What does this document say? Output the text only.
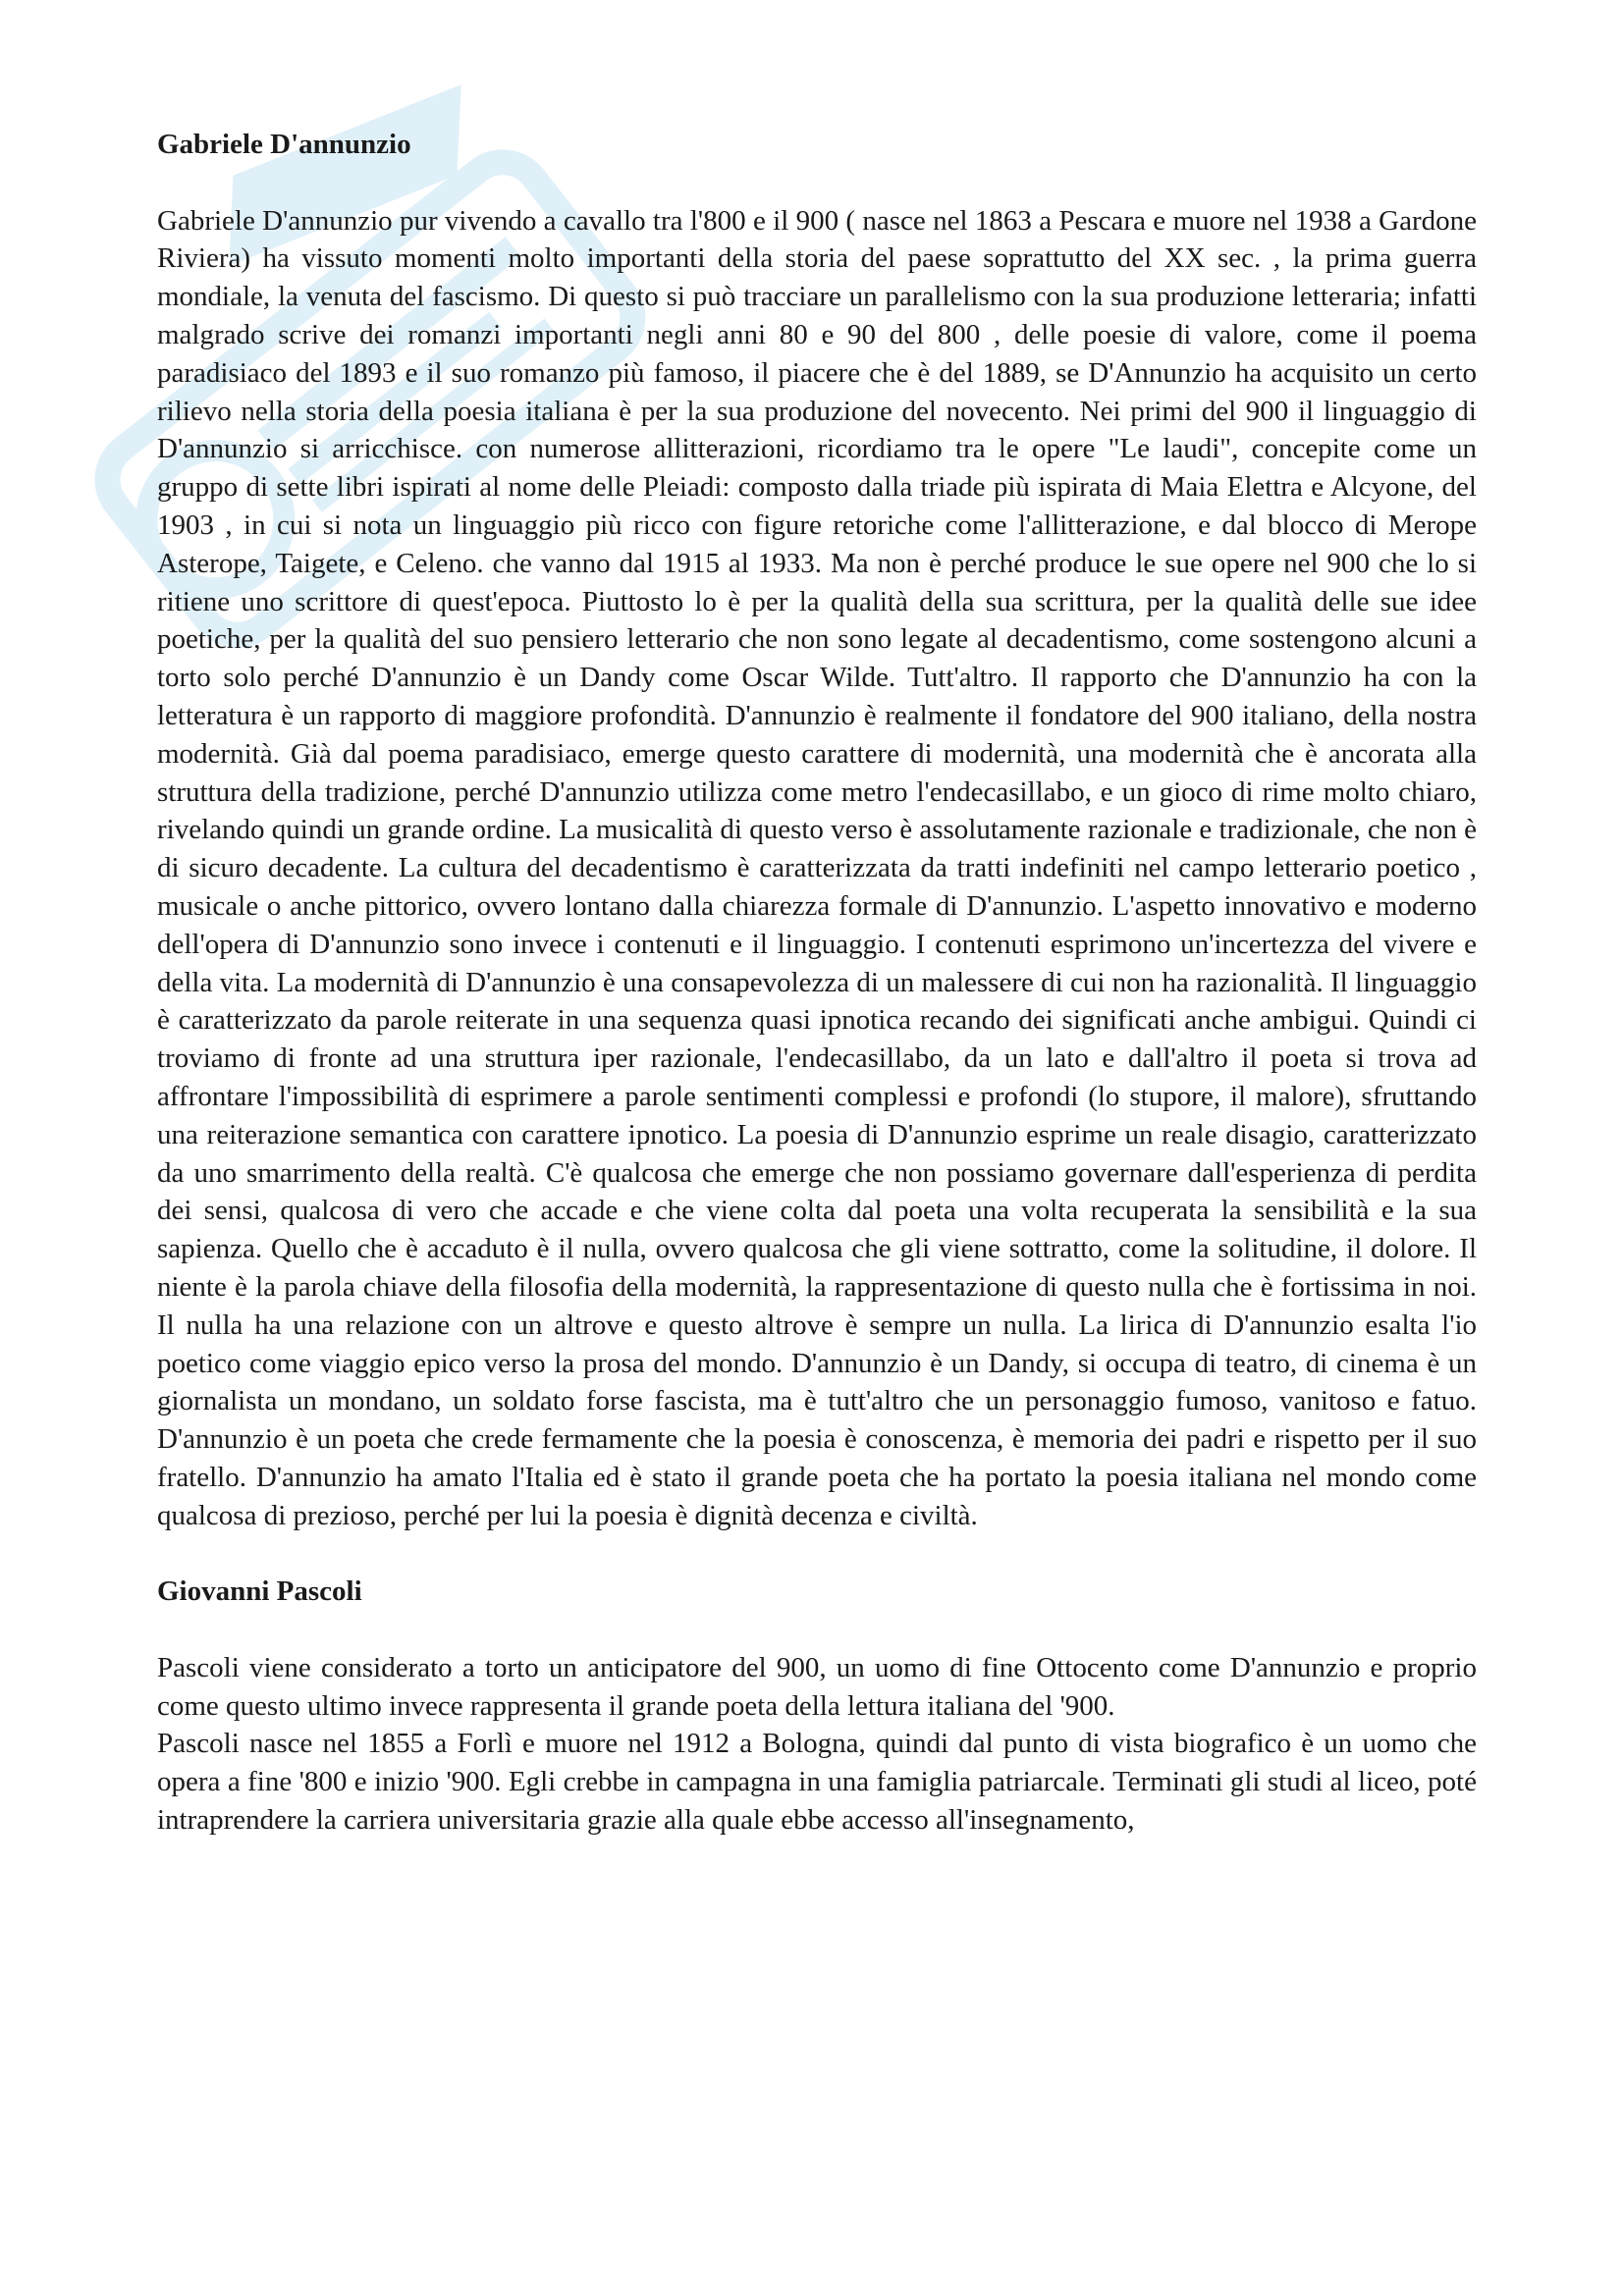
Gabriele D'annunzio

Gabriele D'annunzio pur vivendo a cavallo tra l'800 e il 900 ( nasce nel 1863 a Pescara e muore nel 1938 a Gardone Riviera) ha vissuto momenti molto importanti della storia del paese soprattutto del XX sec. , la prima guerra mondiale, la venuta del fascismo. Di questo si può tracciare un parallelismo con la sua produzione letteraria; infatti malgrado scrive dei romanzi importanti negli anni 80 e 90 del 800 , delle poesie di valore, come il poema paradisiaco del 1893 e il suo romanzo più famoso, il piacere che è del 1889, se D'Annunzio ha acquisito un certo rilievo nella storia della poesia italiana è per la sua produzione del novecento. Nei primi del 900 il linguaggio di D'annunzio si arricchisce. con numerose allitterazioni, ricordiamo tra le opere "Le laudi", concepite come un gruppo di sette libri ispirati al nome delle Pleiadi: composto dalla triade più ispirata di Maia Elettra e Alcyone, del 1903 , in cui si nota un linguaggio più ricco con figure retoriche come l'allitterazione, e dal blocco di Merope Asterope, Taigete, e Celeno. che vanno dal 1915 al 1933. Ma non è perché produce le sue opere nel 900 che lo si ritiene uno scrittore di quest'epoca. Piuttosto lo è per la qualità della sua scrittura, per la qualità delle sue idee poetiche, per la qualità del suo pensiero letterario che non sono legate al decadentismo, come sostengono alcuni a torto solo perché D'annunzio è un Dandy come Oscar Wilde. Tutt'altro. Il rapporto che D'annunzio ha con la letteratura è un rapporto di maggiore profondità. D'annunzio è realmente il fondatore del 900 italiano, della nostra modernità. Già dal poema paradisiaco, emerge questo carattere di modernità, una modernità che è ancorata alla struttura della tradizione, perché D'annunzio utilizza come metro l'endecasillabo, e un gioco di rime molto chiaro, rivelando quindi un grande ordine. La musicalità di questo verso è assolutamente razionale e tradizionale, che non è di sicuro decadente. La cultura del decadentismo è caratterizzata da tratti indefiniti nel campo letterario poetico , musicale o anche pittorico, ovvero lontano dalla chiarezza formale di D'annunzio. L'aspetto innovativo e moderno dell'opera di D'annunzio sono invece i contenuti e il linguaggio. I contenuti esprimono un'incertezza del vivere e della vita. La modernità di D'annunzio è una consapevolezza di un malessere di cui non ha razionalità. Il linguaggio è caratterizzato da parole reiterate in una sequenza quasi ipnotica recando dei significati anche ambigui. Quindi ci troviamo di fronte ad una struttura iper razionale, l'endecasillabo, da un lato e dall'altro il poeta si trova ad affrontare l'impossibilità di esprimere a parole sentimenti complessi e profondi (lo stupore, il malore), sfruttando una reiterazione semantica con carattere ipnotico. La poesia di D'annunzio esprime un reale disagio, caratterizzato da uno smarrimento della realtà. C'è qualcosa che emerge che non possiamo governare dall'esperienza di perdita dei sensi, qualcosa di vero che accade e che viene colta dal poeta una volta recuperata la sensibilità e la sua sapienza. Quello che è accaduto è il nulla, ovvero qualcosa che gli viene sottratto, come la solitudine, il dolore. Il niente è la parola chiave della filosofia della modernità, la rappresentazione di questo nulla che è fortissima in noi. Il nulla ha una relazione con un altrove e questo altrove è sempre un nulla. La lirica di D'annunzio esalta l'io poetico come viaggio epico verso la prosa del mondo. D'annunzio è un Dandy, si occupa di teatro, di cinema è un giornalista un mondano, un soldato forse fascista, ma è tutt'altro che un personaggio fumoso, vanitoso e fatuo. D'annunzio è un poeta che crede fermamente che la poesia è conoscenza, è memoria dei padri e rispetto per il suo fratello. D'annunzio ha amato l'Italia ed è stato il grande poeta che ha portato la poesia italiana nel mondo come qualcosa di prezioso, perché per lui la poesia è dignità decenza e civiltà.

Giovanni Pascoli

Pascoli viene considerato a torto un anticipatore del 900, un uomo di fine Ottocento come D'annunzio e proprio come questo ultimo invece rappresenta il grande poeta della lettura italiana del '900.

Pascoli nasce nel 1855 a Forlì e muore nel 1912 a Bologna, quindi dal punto di vista biografico è un uomo che opera a fine '800 e inizio '900. Egli crebbe in campagna in una famiglia patriarcale. Terminati gli studi al liceo, poté intraprendere la carriera universitaria grazie alla quale ebbe accesso all'insegnamento,
